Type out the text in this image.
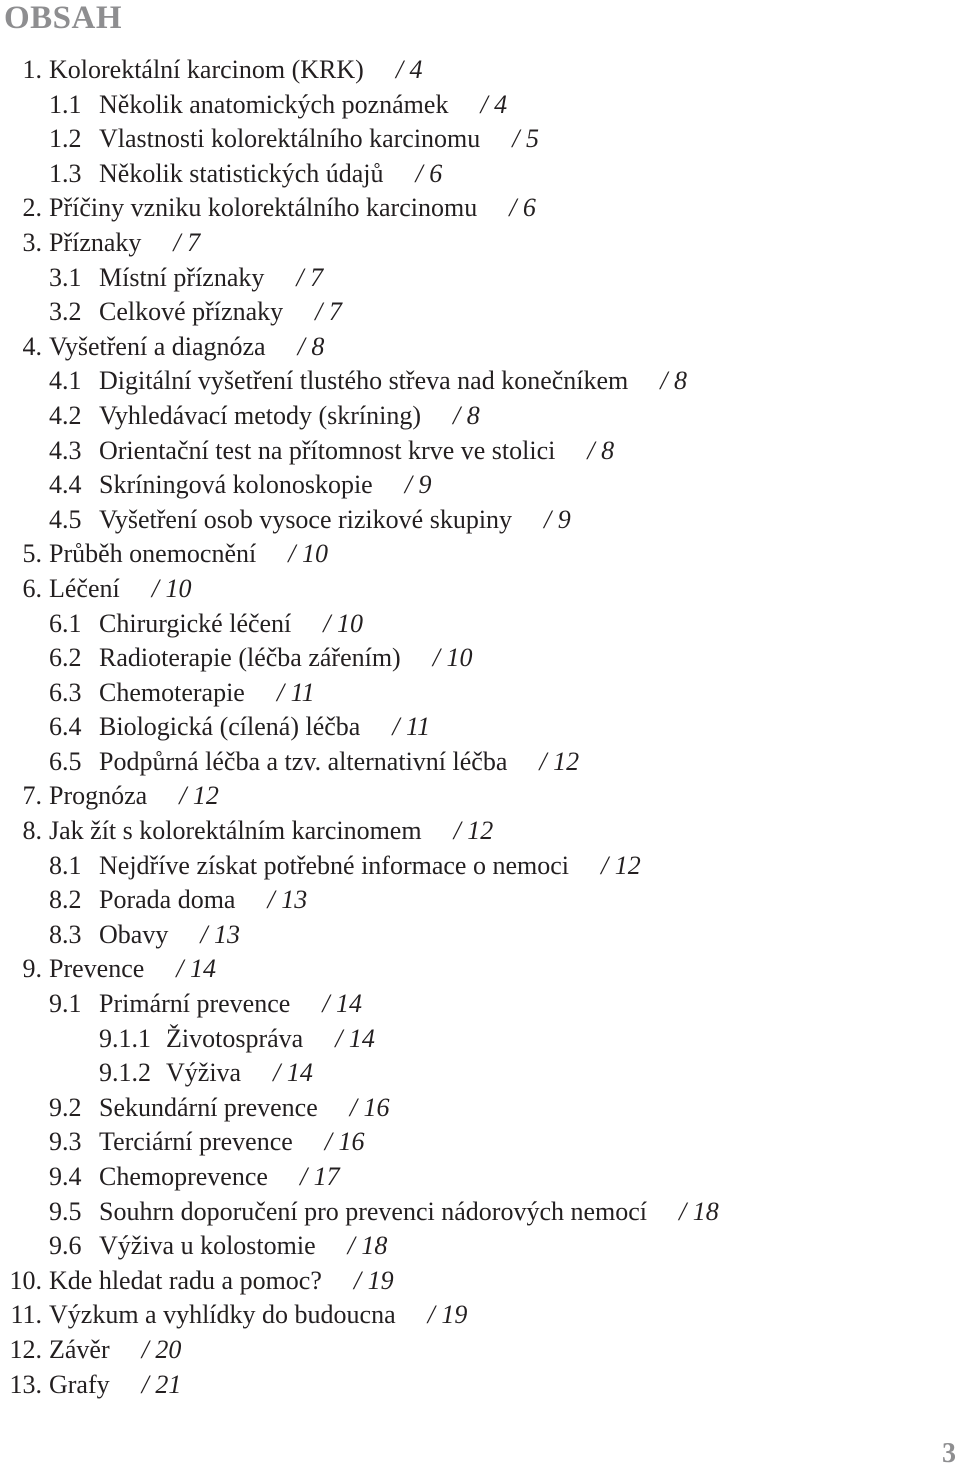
OBSAH
1. Kolorektální karcinom (KRK) / 4
1.1 Několik anatomických poznámek / 4
1.2 Vlastnosti kolorektálního karcinomu / 5
1.3 Několik statistických údajů / 6
2. Příčiny vzniku kolorektálního karcinomu / 6
3. Příznaky / 7
3.1 Místní příznaky / 7
3.2 Celkové příznaky / 7
4. Vyšetření a diagnóza / 8
4.1 Digitální vyšetření tlustého střeva nad konečníkem / 8
4.2 Vyhledávací metody (skríning) / 8
4.3 Orientační test na přítomnost krve ve stolici / 8
4.4 Skríningová kolonoskopie / 9
4.5 Vyšetření osob vysoce rizikové skupiny / 9
5. Průběh onemocnění / 10
6. Léčení / 10
6.1 Chirurgické léčení / 10
6.2 Radioterapie (léčba zářením) / 10
6.3 Chemoterapie / 11
6.4 Biologická (cílená) léčba / 11
6.5 Podpůrná léčba a tzv. alternativní léčba / 12
7. Prognóza / 12
8. Jak žít s kolorektálním karcinomem / 12
8.1 Nejdříve získat potřebné informace o nemoci / 12
8.2 Porada doma / 13
8.3 Obavy / 13
9. Prevence / 14
9.1 Primární prevence / 14
9.1.1 Životospráva / 14
9.1.2 Výživa / 14
9.2 Sekundární prevence / 16
9.3 Terciární prevence / 16
9.4 Chemoprevence / 17
9.5 Souhrn doporučení pro prevenci nádorových nemocí / 18
9.6 Výživa u kolostomie / 18
10. Kde hledat radu a pomoc? / 19
11. Výzkum a vyhlídky do budoucna / 19
12. Závěr / 20
13. Grafy / 21
3
